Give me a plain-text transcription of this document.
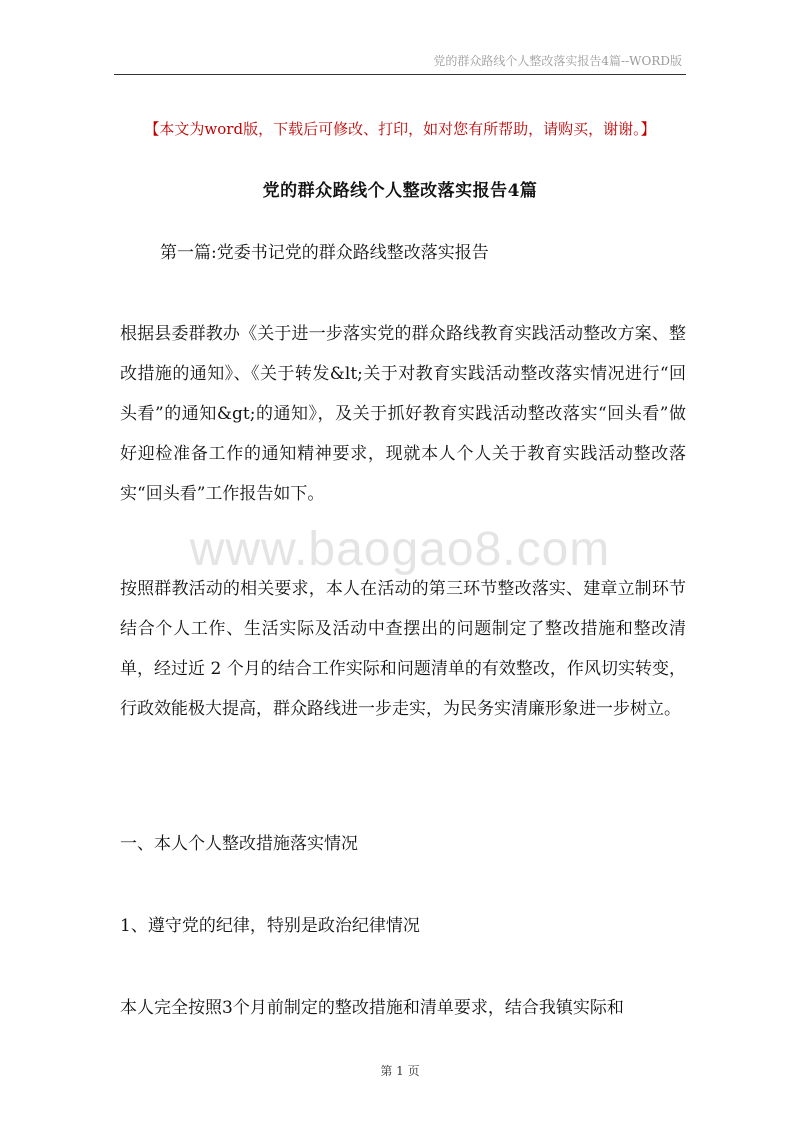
党的群众路线个人整改落实报告4篇--WORD版
【本文为word版，下载后可修改、打印，如对您有所帮助，请购买，谢谢。】
党的群众路线个人整改落实报告4篇
第一篇:党委书记党的群众路线整改落实报告

根据县委群教办《关于进一步落实党的群众路线教育实践活动整改方案、整改措施的通知》、《关于转发&lt;关于对教育实践活动整改落实情况进行“回头看”的通知&gt;的通知》，及关于抓好教育实践活动整改落实“回头看”做好迎检准备工作的通知精神要求，现就本人个人关于教育实践活动整改落实“回头看”工作报告如下。

www.baogao8.com

按照群教活动的相关要求，本人在活动的第三环节整改落实、建章立制环节结合个人工作、生活实际及活动中查摆出的问题制定了整改措施和整改清单，经过近 2 个月的结合工作实际和问题清单的有效整改，作风切实转变，行政效能极大提高，群众路线进一步走实，为民务实清廉形象进一步树立。

一、本人个人整改措施落实情况

1、遵守党的纪律，特别是政治纪律情况

本人完全按照3个月前制定的整改措施和清单要求，结合我镇实际和

第 1 页
